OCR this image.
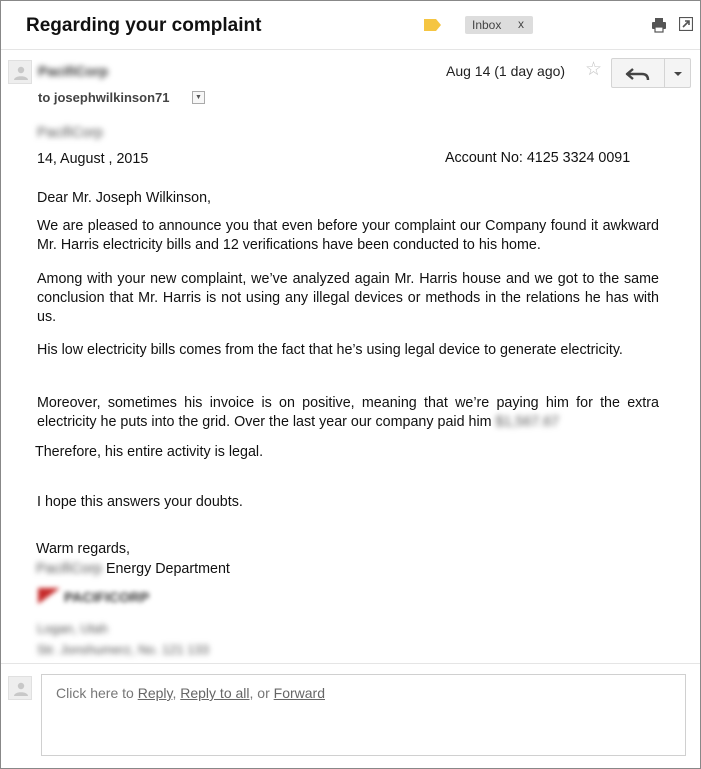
Regarding your complaint	Inbox x
PacifiCorp
to josephwilkinson71	▼
Aug 14 (1 day ago) ☆
PacifiCorp
14, August , 2015	Account No: 4125 3324 0091
Dear Mr. Joseph Wilkinson,
We are pleased to announce you that even before your complaint our Company found it awkward Mr. Harris electricity bills and 12 verifications have been conducted to his home.
Among with your new complaint, we’ve analyzed again Mr. Harris house and we got to the same conclusion that Mr. Harris is not using any illegal devices or methods in the relations he has with us.
His low electricity bills comes from the fact that he’s using legal device to generate electricity.
Moreover, sometimes his invoice is on positive, meaning that we’re paying him for the extra electricity he puts into the grid. Over the last year our company paid him $1,567.67
Therefore, his entire activity is legal.
I hope this answers your doubts.
Warm regards,
PacifiCorp Energy Department
PACIFICORP
Logan, Utah
Str. Jonshumerz, No. 121 133
Click here to Reply, Reply to all, or Forward
